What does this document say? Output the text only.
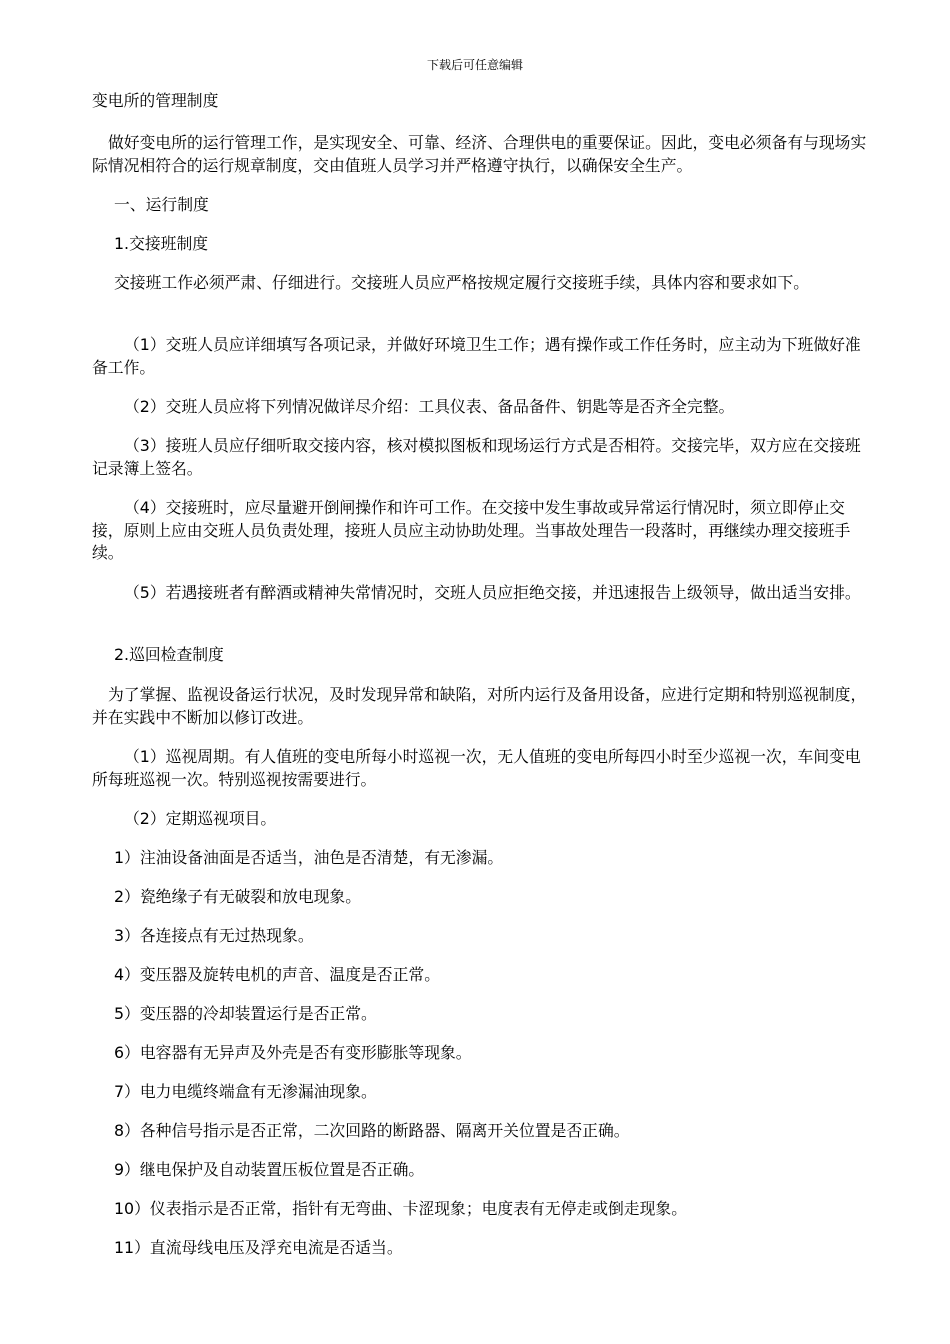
下载后可任意编辑

变电所的管理制度

做好变电所的运行管理工作，是实现安全、可靠、经济、合理供电的重要保证。因此，变电必须备有与现场实际情况相符合的运行规章制度，交由值班人员学习并严格遵守执行，以确保安全生产。

一、运行制度

1.交接班制度

交接班工作必须严肃、仔细进行。交接班人员应严格按规定履行交接班手续，具体内容和要求如下。

（1）交班人员应详细填写各项记录，并做好环境卫生工作；遇有操作或工作任务时，应主动为下班做好准备工作。

（2）交班人员应将下列情况做详尽介绍：工具仪表、备品备件、钥匙等是否齐全完整。

（3）接班人员应仔细听取交接内容，核对模拟图板和现场运行方式是否相符。交接完毕，双方应在交接班记录簿上签名。

（4）交接班时，应尽量避开倒闸操作和许可工作。在交接中发生事故或异常运行情况时，须立即停止交接，原则上应由交班人员负责处理，接班人员应主动协助处理。当事故处理告一段落时，再继续办理交接班手续。

（5）若遇接班者有醉酒或精神失常情况时，交班人员应拒绝交接，并迅速报告上级领导，做出适当安排。

2.巡回检查制度

为了掌握、监视设备运行状况，及时发现异常和缺陷，对所内运行及备用设备，应进行定期和特别巡视制度，并在实践中不断加以修订改进。

（1）巡视周期。有人值班的变电所每小时巡视一次，无人值班的变电所每四小时至少巡视一次，车间变电所每班巡视一次。特别巡视按需要进行。

（2）定期巡视项目。

1）注油设备油面是否适当，油色是否清楚，有无渗漏。

2）瓷绝缘子有无破裂和放电现象。

3）各连接点有无过热现象。

4）变压器及旋转电机的声音、温度是否正常。

5）变压器的冷却装置运行是否正常。

6）电容器有无异声及外壳是否有变形膨胀等现象。

7）电力电缆终端盒有无渗漏油现象。

8）各种信号指示是否正常，二次回路的断路器、隔离开关位置是否正确。

9）继电保护及自动装置压板位置是否正确。

10）仪表指示是否正常，指针有无弯曲、卡涩现象；电度表有无停走或倒走现象。

11）直流母线电压及浮充电流是否适当。
